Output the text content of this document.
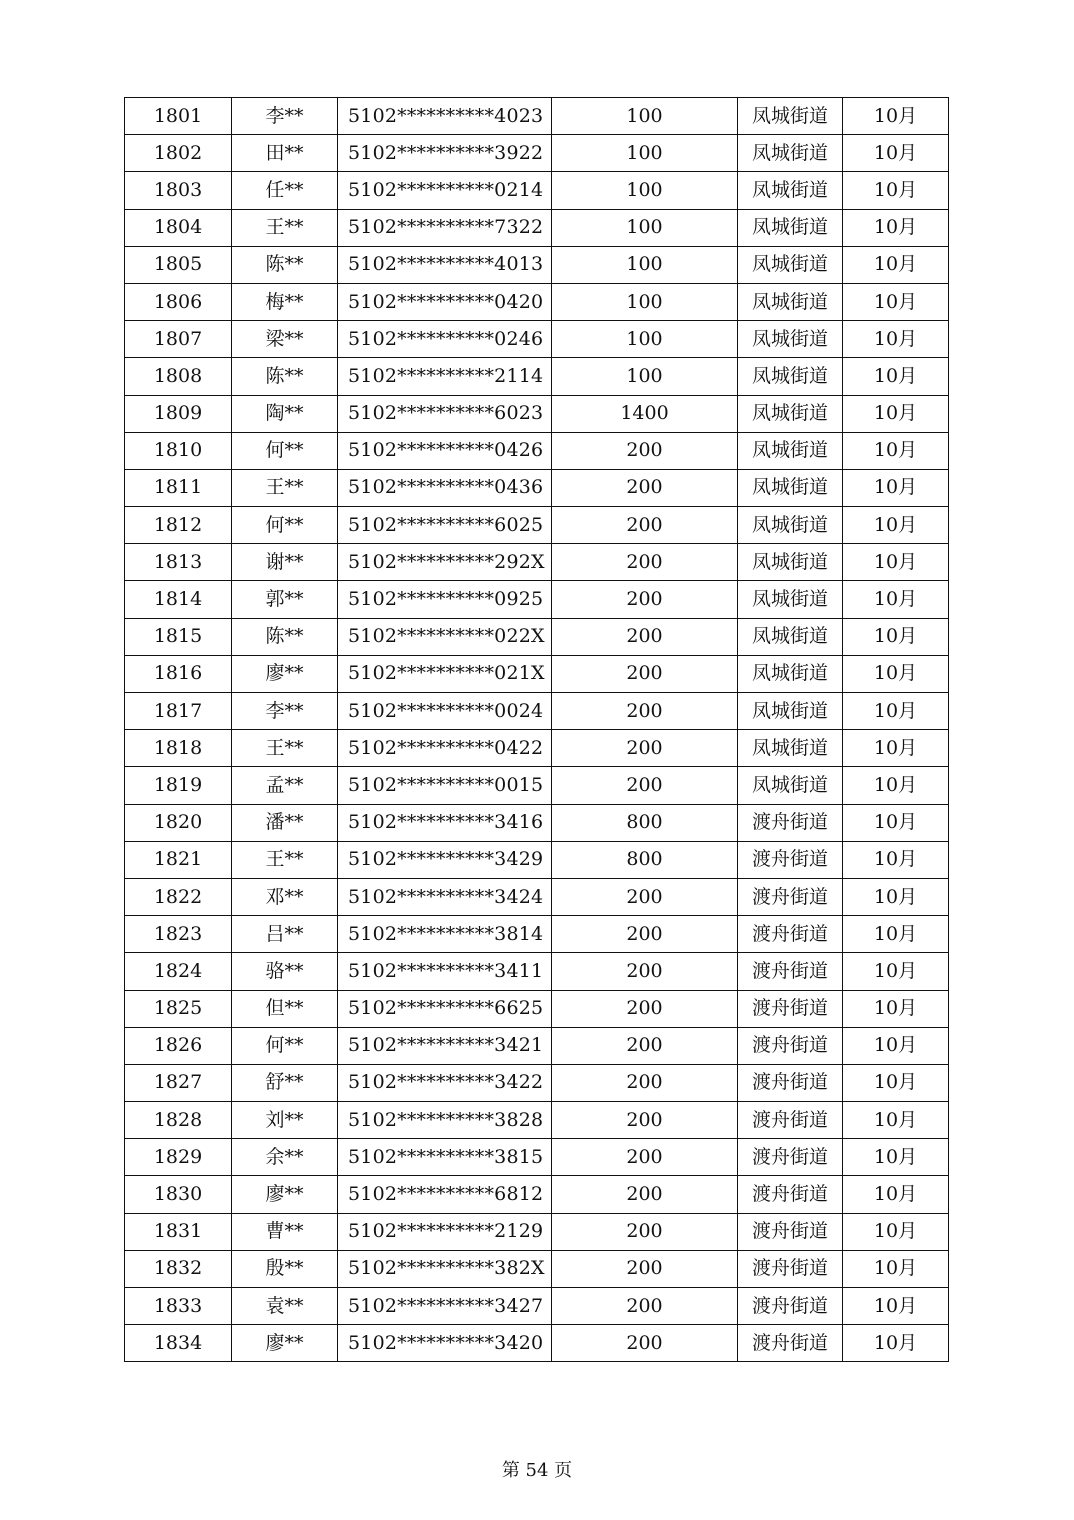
1801	李**	5102**********4023	100	凤城街道	10月
1802	田**	5102**********3922	100	凤城街道	10月
1803	任**	5102**********0214	100	凤城街道	10月
1804	王**	5102**********7322	100	凤城街道	10月
1805	陈**	5102**********4013	100	凤城街道	10月
1806	梅**	5102**********0420	100	凤城街道	10月
1807	梁**	5102**********0246	100	凤城街道	10月
1808	陈**	5102**********2114	100	凤城街道	10月
1809	陶**	5102**********6023	1400	凤城街道	10月
1810	何**	5102**********0426	200	凤城街道	10月
1811	王**	5102**********0436	200	凤城街道	10月
1812	何**	5102**********6025	200	凤城街道	10月
1813	谢**	5102**********292X	200	凤城街道	10月
1814	郭**	5102**********0925	200	凤城街道	10月
1815	陈**	5102**********022X	200	凤城街道	10月
1816	廖**	5102**********021X	200	凤城街道	10月
1817	李**	5102**********0024	200	凤城街道	10月
1818	王**	5102**********0422	200	凤城街道	10月
1819	孟**	5102**********0015	200	凤城街道	10月
1820	潘**	5102**********3416	800	渡舟街道	10月
1821	王**	5102**********3429	800	渡舟街道	10月
1822	邓**	5102**********3424	200	渡舟街道	10月
1823	吕**	5102**********3814	200	渡舟街道	10月
1824	骆**	5102**********3411	200	渡舟街道	10月
1825	但**	5102**********6625	200	渡舟街道	10月
1826	何**	5102**********3421	200	渡舟街道	10月
1827	舒**	5102**********3422	200	渡舟街道	10月
1828	刘**	5102**********3828	200	渡舟街道	10月
1829	余**	5102**********3815	200	渡舟街道	10月
1830	廖**	5102**********6812	200	渡舟街道	10月
1831	曹**	5102**********2129	200	渡舟街道	10月
1832	殷**	5102**********382X	200	渡舟街道	10月
1833	袁**	5102**********3427	200	渡舟街道	10月
1834	廖**	5102**********3420	200	渡舟街道	10月
第 54 页
